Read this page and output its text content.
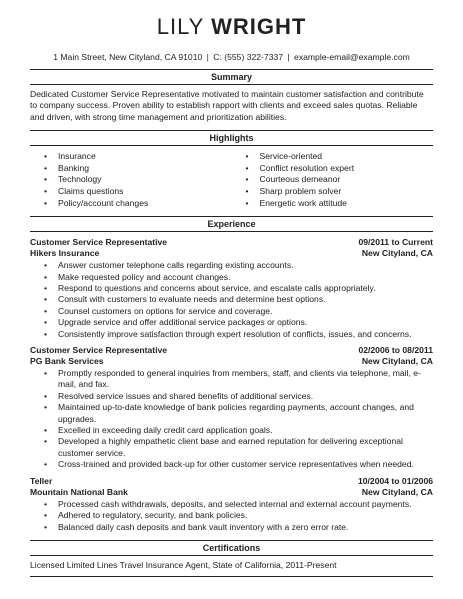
LILY WRIGHT
1 Main Street, New Cityland, CA 91010 | C: (555) 322-7337 | example-email@example.com
Summary
Dedicated Customer Service Representative motivated to maintain customer satisfaction and contribute to company success. Proven ability to establish rapport with clients and exceed sales quotas. Reliable and driven, with strong time management and prioritization abilities.
Highlights
• Insurance
• Banking
• Technology
• Claims questions
• Policy/account changes
• Service-oriented
• Conflict resolution expert
• Courteous demeanor
• Sharp problem solver
• Energetic work attitude
Experience
Customer Service Representative	09/2011 to Current
Hikers Insurance	New Cityland, CA
• Answer customer telephone calls regarding existing accounts.
• Make requested policy and account changes.
• Respond to questions and concerns about service, and escalate calls appropriately.
• Consult with customers to evaluate needs and determine best options.
• Counsel customers on options for service and coverage.
• Upgrade service and offer additional service packages or options.
• Consistently improve satisfaction through expert resolution of conflicts, issues, and concerns.
Customer Service Representative	02/2006 to 08/2011
PG Bank Services	New Cityland, CA
• Promptly responded to general inquiries from members, staff, and clients via telephone, mail, e-mail, and fax.
• Resolved service issues and shared benefits of additional services.
• Maintained up-to-date knowledge of bank policies regarding payments, account changes, and upgrades.
• Excelled in exceeding daily credit card application goals.
• Developed a highly empathetic client base and earned reputation for delivering exceptional customer service.
• Cross-trained and provided back-up for other customer service representatives when needed.
Teller	10/2004 to 01/2006
Mountain National Bank	New Cityland, CA
• Processed cash withdrawals, deposits, and selected internal and external account payments.
• Adhered to regulatory, security, and bank policies.
• Balanced daily cash deposits and bank vault inventory with a zero error rate.
Certifications
Licensed Limited Lines Travel Insurance Agent, State of California, 2011-Present
